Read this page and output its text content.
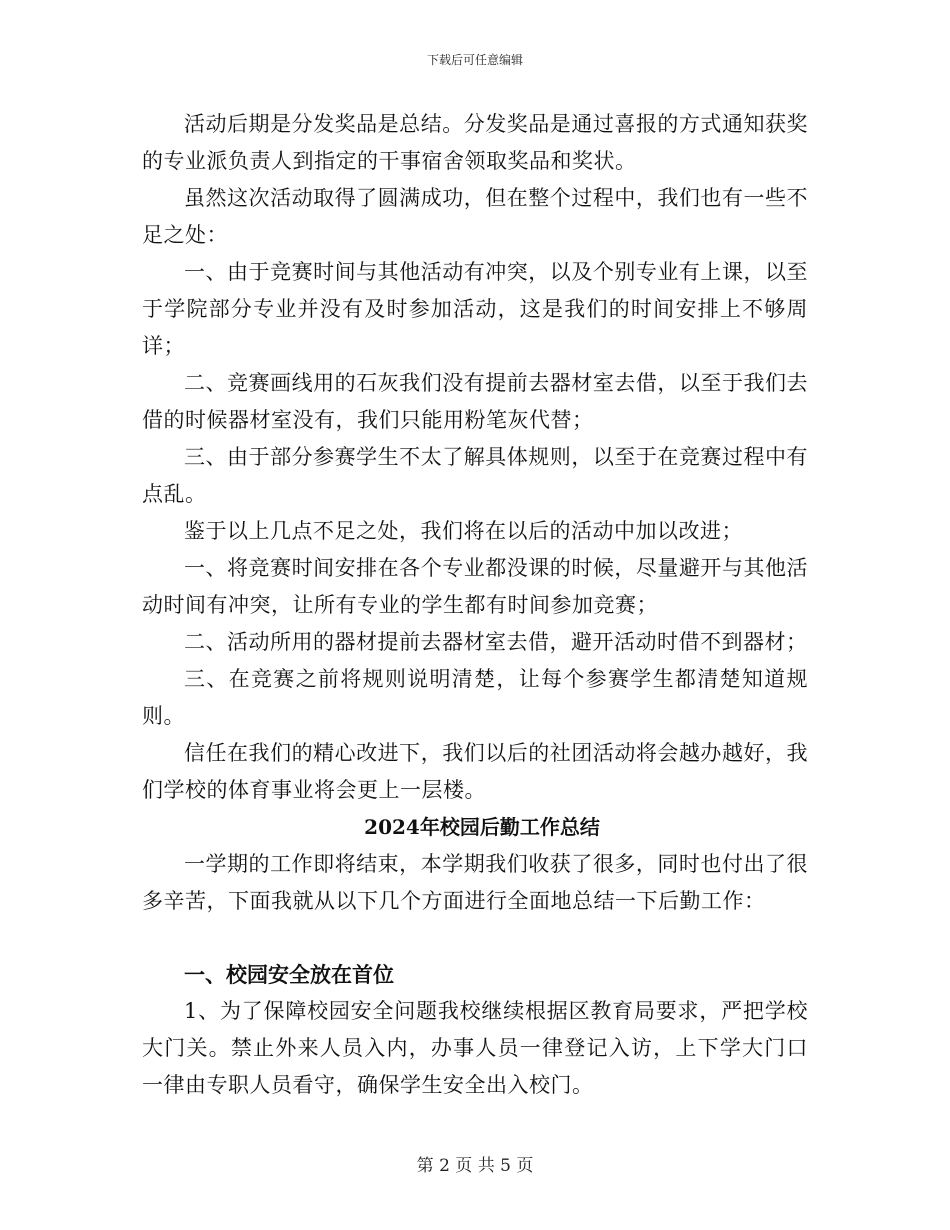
下载后可任意编辑

活动后期是分发奖品是总结。分发奖品是通过喜报的方式通知获奖的专业派负责人到指定的干事宿舍领取奖品和奖状。

虽然这次活动取得了圆满成功，但在整个过程中，我们也有一些不足之处：

一、由于竞赛时间与其他活动有冲突，以及个别专业有上课，以至于学院部分专业并没有及时参加活动，这是我们的时间安排上不够周详；

二、竞赛画线用的石灰我们没有提前去器材室去借，以至于我们去借的时候器材室没有，我们只能用粉笔灰代替；

三、由于部分参赛学生不太了解具体规则，以至于在竞赛过程中有点乱。

鉴于以上几点不足之处，我们将在以后的活动中加以改进；

一、将竞赛时间安排在各个专业都没课的时候，尽量避开与其他活动时间有冲突，让所有专业的学生都有时间参加竞赛；

二、活动所用的器材提前去器材室去借，避开活动时借不到器材；

三、在竞赛之前将规则说明清楚，让每个参赛学生都清楚知道规则。

信任在我们的精心改进下，我们以后的社团活动将会越办越好，我们学校的体育事业将会更上一层楼。

2024年校园后勤工作总结

一学期的工作即将结束，本学期我们收获了很多，同时也付出了很多辛苦，下面我就从以下几个方面进行全面地总结一下后勤工作：

一、校园安全放在首位

1、为了保障校园安全问题我校继续根据区教育局要求，严把学校大门关。禁止外来人员入内，办事人员一律登记入访，上下学大门口一律由专职人员看守，确保学生安全出入校门。

第 2 页 共 5 页
